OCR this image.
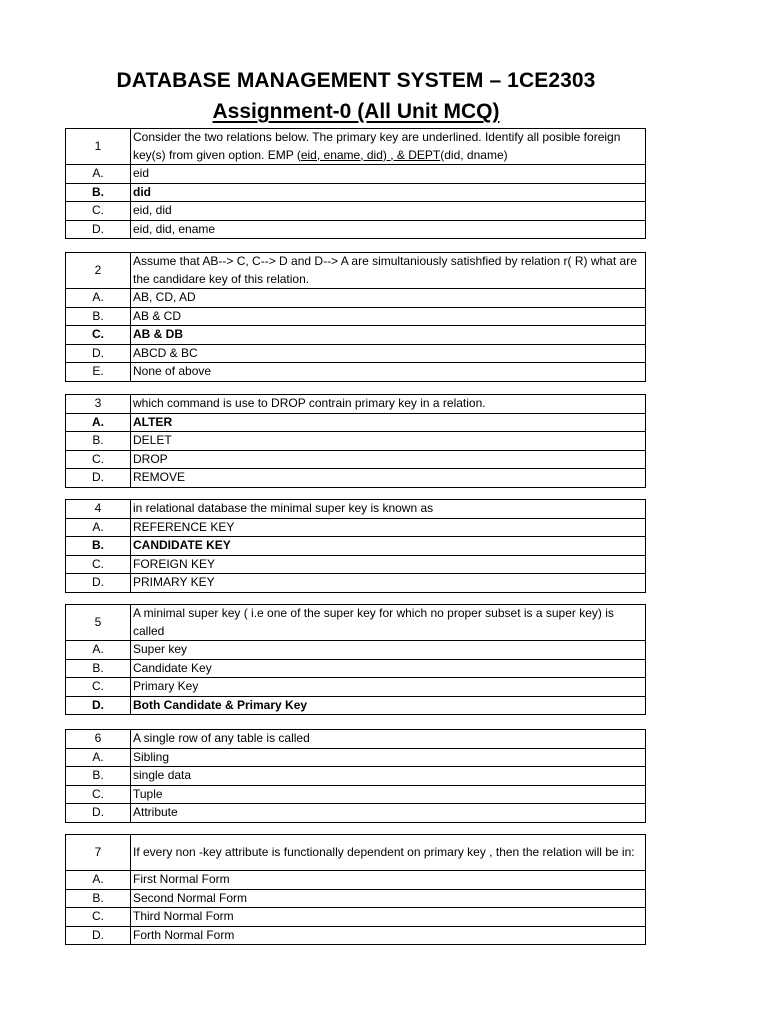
DATABASE MANAGEMENT SYSTEM – 1CE2303
Assignment-0 (All Unit MCQ)
1	Consider the two relations below. The primary key are underlined. Identify all posible foreign key(s) from given option. EMP (eid, ename, did) , & DEPT(did, dname)
A.	eid
B.	did
C.	eid, did
D.	eid, did, ename
2	Assume that AB--> C, C--> D and D--> A are simultaniously satishfied by relation r( R) what are the candidare key of this relation.
A.	AB, CD, AD
B.	AB & CD
C.	AB & DB
D.	ABCD & BC
E.	None of above
3	which command is use to DROP contrain primary key in a relation.
A.	ALTER
B.	DELET
C.	DROP
D.	REMOVE
4	in relational database the minimal super key is known as
A.	REFERENCE KEY
B.	CANDIDATE KEY
C.	FOREIGN KEY
D.	PRIMARY KEY
5	A minimal super key ( i.e one of the super key for which no proper subset is a super key) is called
A.	Super key
B.	Candidate Key
C.	Primary Key
D.	Both Candidate & Primary Key
6	A single row of any table is called
A.	Sibling
B.	single data
C.	Tuple
D.	Attribute
7	If every non -key attribute is functionally dependent on primary key , then the relation will be in:
A.	First Normal Form
B.	Second Normal Form
C.	Third Normal Form
D.	Forth Normal Form
